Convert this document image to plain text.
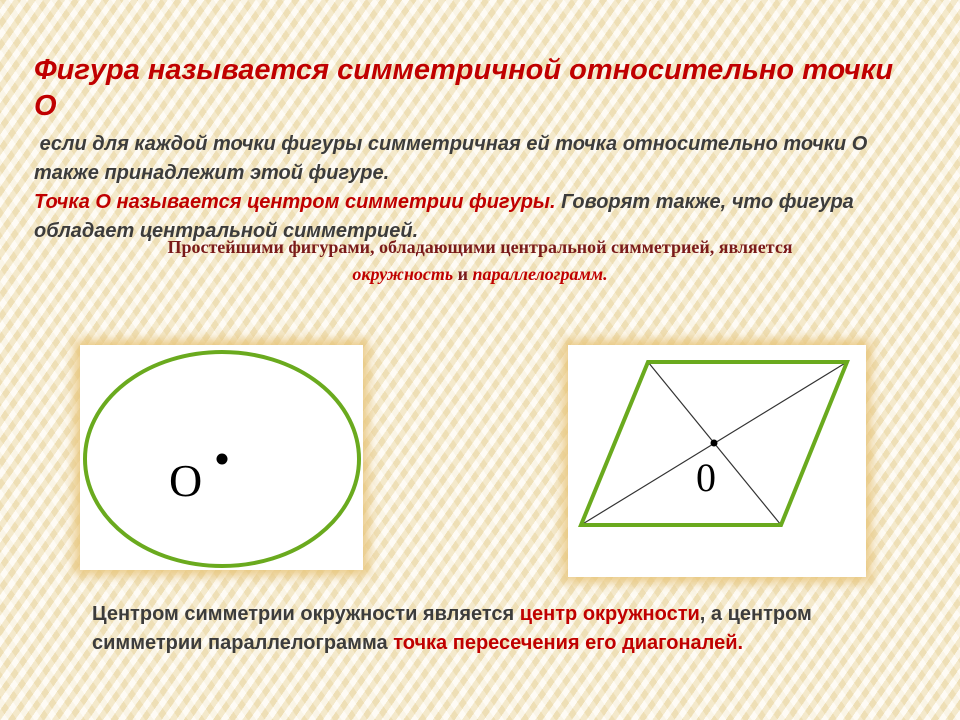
Фигура называется симметричной относительно точки О

если для каждой точки фигуры симметричная ей точка относительно точки Отакже принадлежит этой фигуре.
Точка О называется центром симметрии фигуры. Говорят также, что фигура обладает центральной симметрией.

Простейшими фигурами, обладающими центральной симметрией, является
окружность и параллелограмм.

O	0

Центром симметрии окружности является центр окружности, а центром симметрии параллелограмма точка пересечения его диагоналей.
